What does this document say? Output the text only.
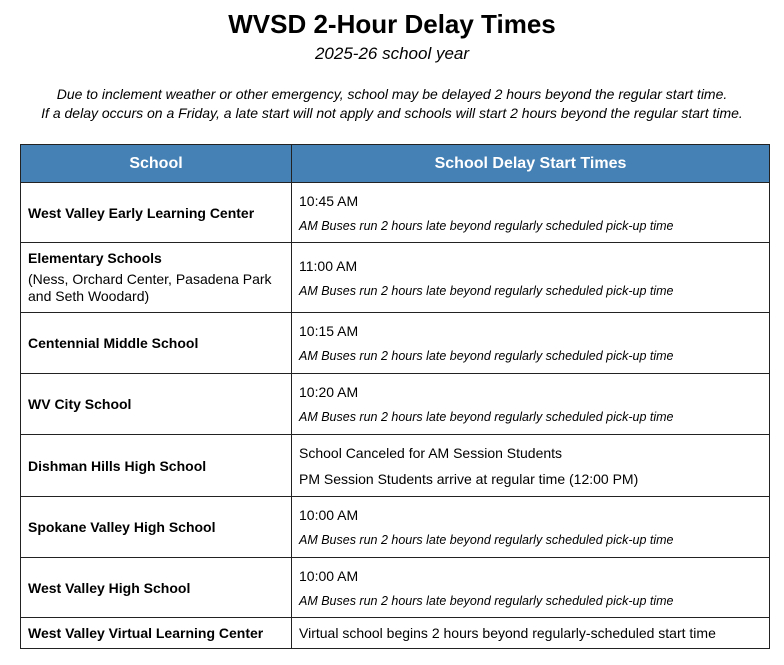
WVSD 2-Hour Delay Times
2025-26 school year
Due to inclement weather or other emergency, school may be delayed 2 hours beyond the regular start time.
If a delay occurs on a Friday, a late start will not apply and schools will start 2 hours beyond the regular start time.
School	School Delay Start Times
West Valley Early Learning Center	10:45 AM
AM Buses run 2 hours late beyond regularly scheduled pick-up time

Elementary Schools
(Ness, Orchard Center, Pasadena Park and Seth Woodard)	11:00 AM
AM Buses run 2 hours late beyond regularly scheduled pick-up time

Centennial Middle School	10:15 AM
AM Buses run 2 hours late beyond regularly scheduled pick-up time

WV City School	10:20 AM
AM Buses run 2 hours late beyond regularly scheduled pick-up time

Dishman Hills High School	School Canceled for AM Session Students
PM Session Students arrive at regular time (12:00 PM)

Spokane Valley High School	10:00 AM
AM Buses run 2 hours late beyond regularly scheduled pick-up time

West Valley High School	10:00 AM
AM Buses run 2 hours late beyond regularly scheduled pick-up time

West Valley Virtual Learning Center	Virtual school begins 2 hours beyond regularly-scheduled start time
